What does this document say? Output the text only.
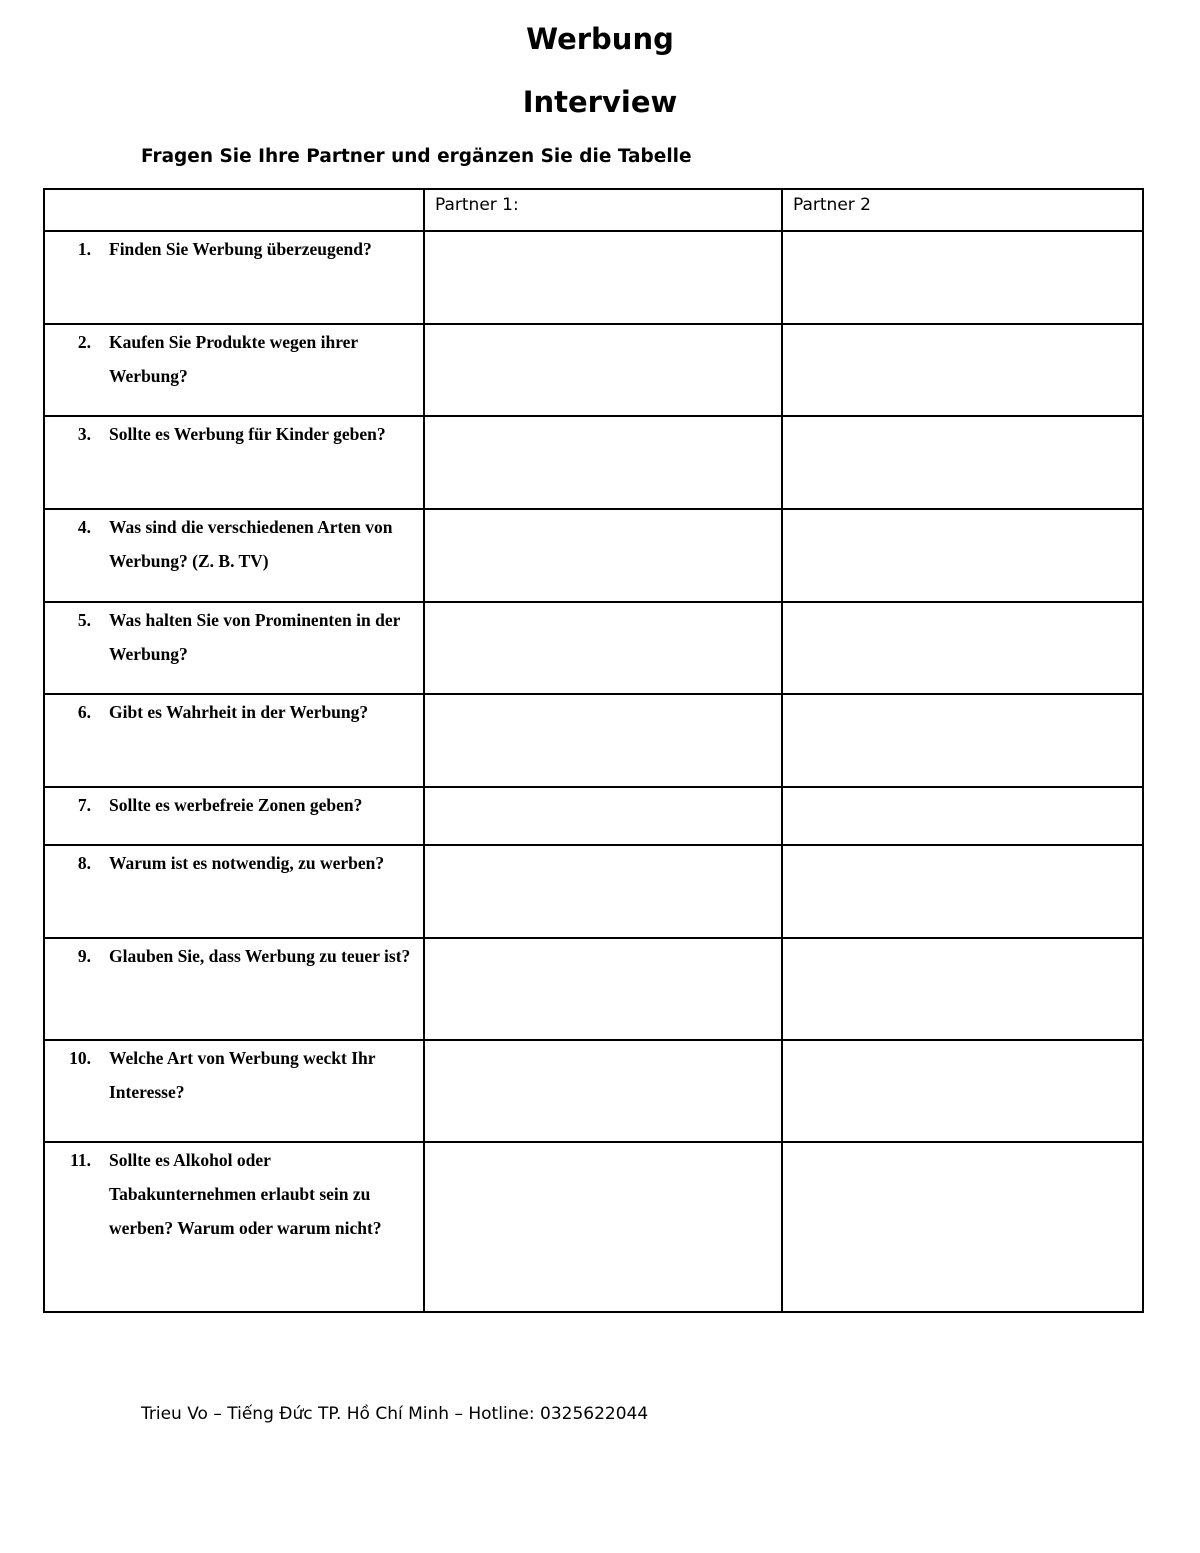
Werbung
Interview

Fragen Sie Ihre Partner und ergänzen Sie die Tabelle

	Partner 1:	Partner 2

1. Finden Sie Werbung überzeugend?		

2. Kaufen Sie Produkte wegen ihrer Werbung?		

3. Sollte es Werbung für Kinder geben?		

4. Was sind die verschiedenen Arten von Werbung? (Z. B. TV)		

5. Was halten Sie von Prominenten in der Werbung?		

6. Gibt es Wahrheit in der Werbung?		

7. Sollte es werbefreie Zonen geben?		

8. Warum ist es notwendig, zu werben?		

9. Glauben Sie, dass Werbung zu teuer ist?		

10. Welche Art von Werbung weckt Ihr Interesse?		

11. Sollte es Alkohol oder Tabakunternehmen erlaubt sein zu werben? Warum oder warum nicht?		

Trieu Vo – Tiếng Đức TP. Hồ Chí Minh – Hotline: 0325622044
